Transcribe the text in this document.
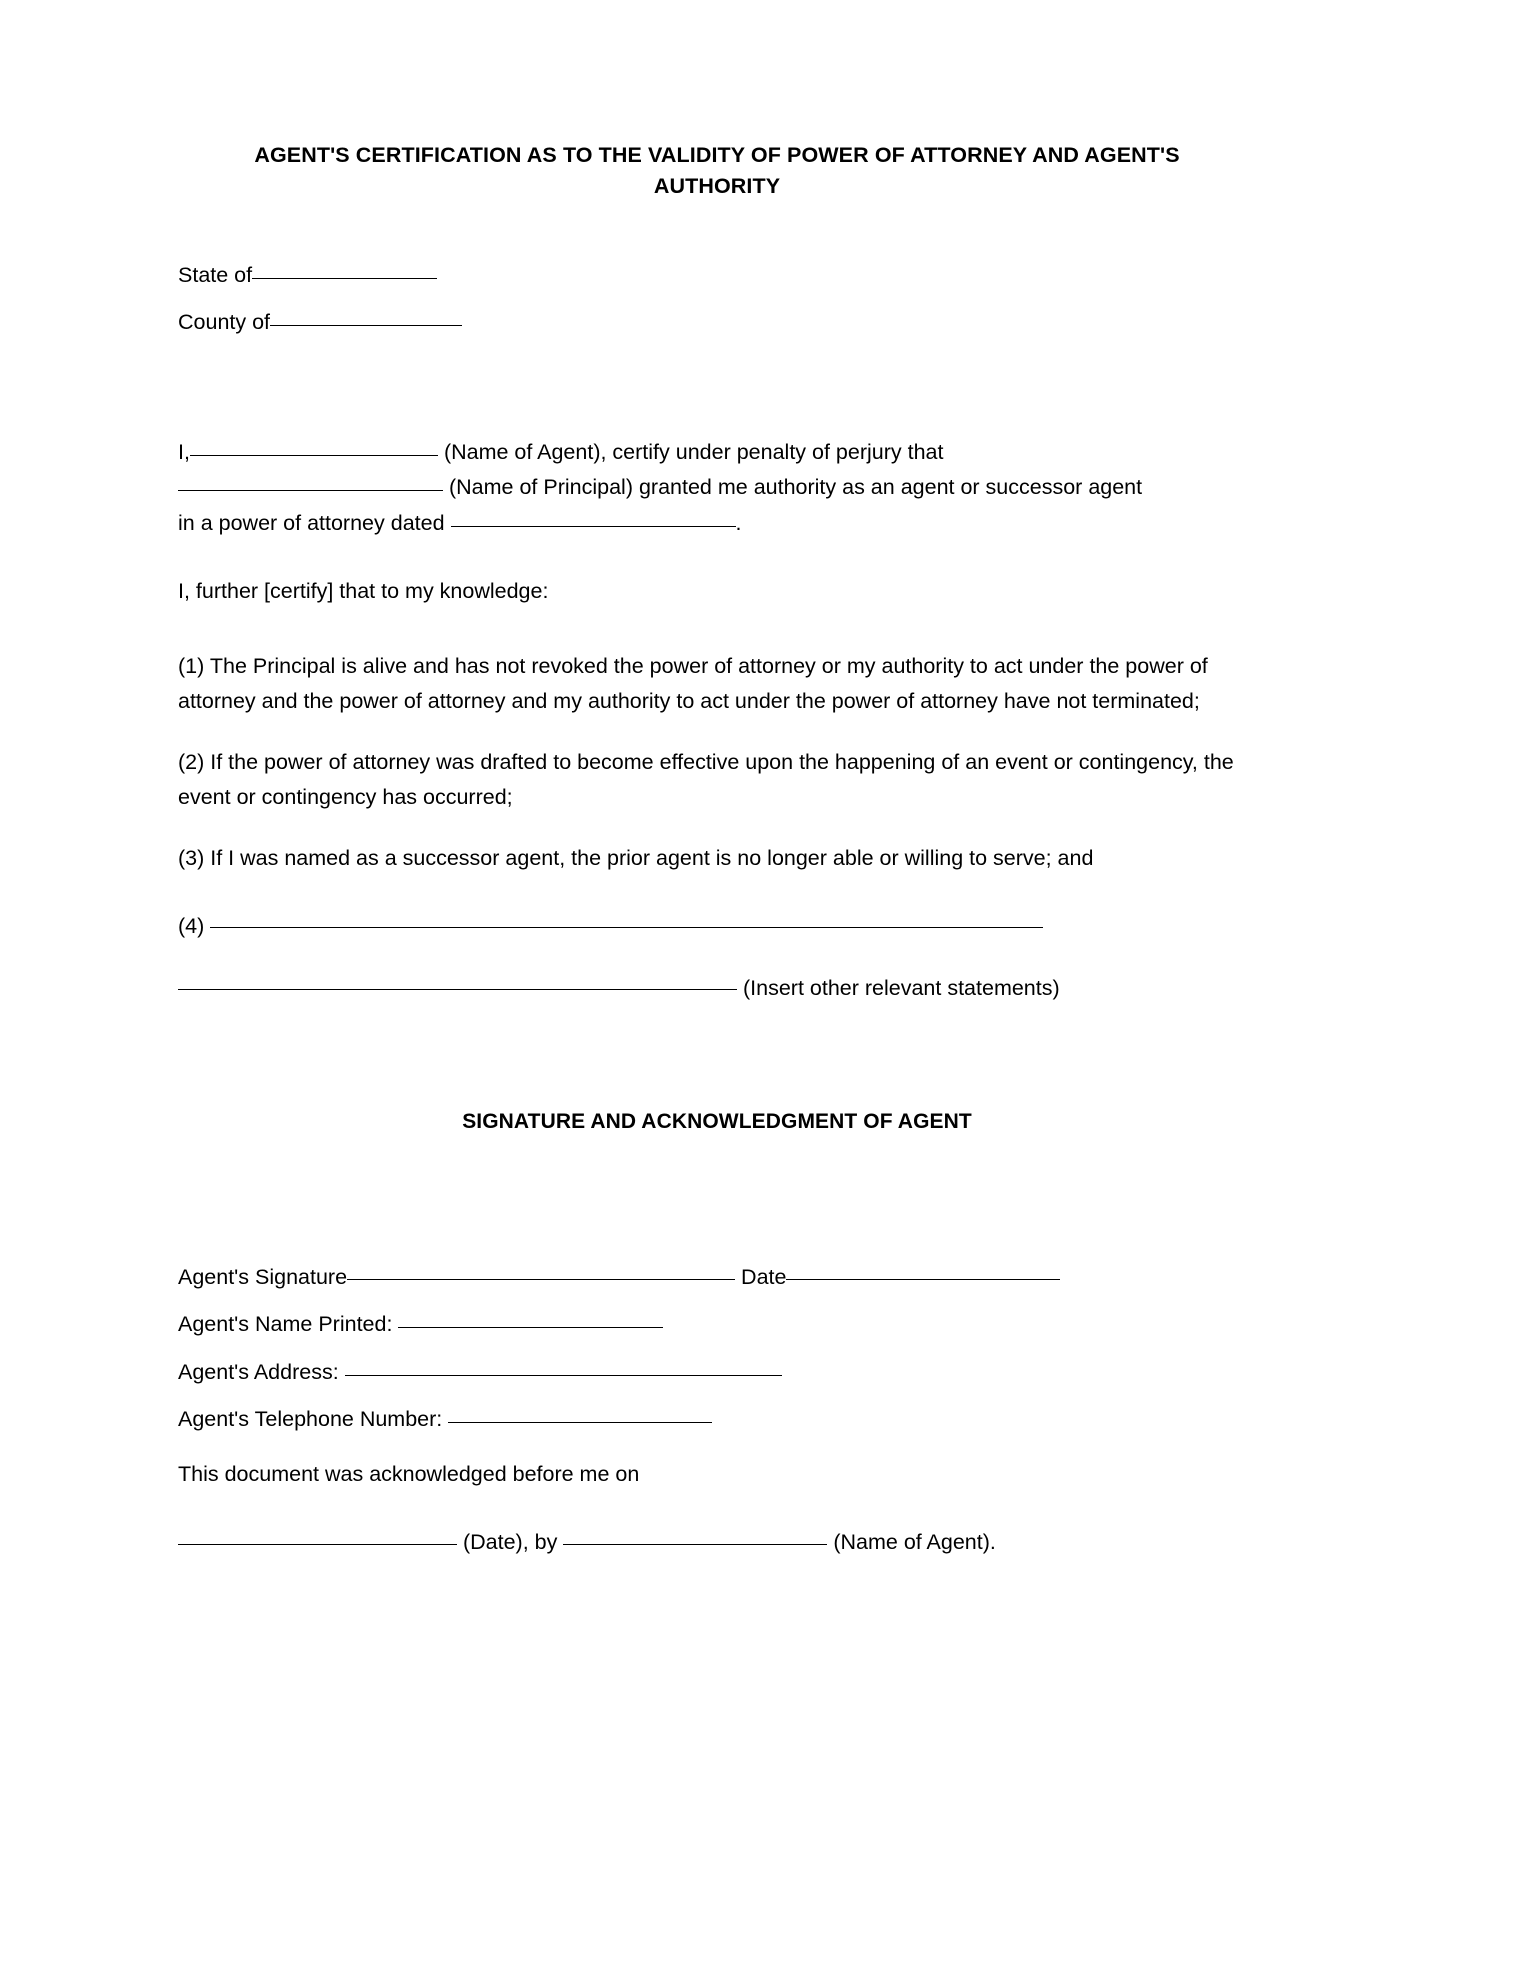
AGENT'S CERTIFICATION AS TO THE VALIDITY OF POWER OF ATTORNEY AND AGENT'S AUTHORITY

State of

County of

I,	(Name of Agent), certify under penalty of perjury that

(Name of Principal) granted me authority as an agent or successor agent

in a power of attorney dated	.

I, further [certify] that to my knowledge:

(1) The Principal is alive and has not revoked the power of attorney or my authority to act under the power of attorney and the power of attorney and my authority to act under the power of attorney have not terminated;

(2) If the power of attorney was drafted to become effective upon the happening of an event or contingency, the event or contingency has occurred;

(3) If I was named as a successor agent, the prior agent is no longer able or willing to serve; and

(4)

(Insert other relevant statements)

SIGNATURE AND ACKNOWLEDGMENT OF AGENT

Agent's Signature	Date

Agent's Name Printed:

Agent's Address:

Agent's Telephone Number:

This document was acknowledged before me on

(Date), by	(Name of Agent).
